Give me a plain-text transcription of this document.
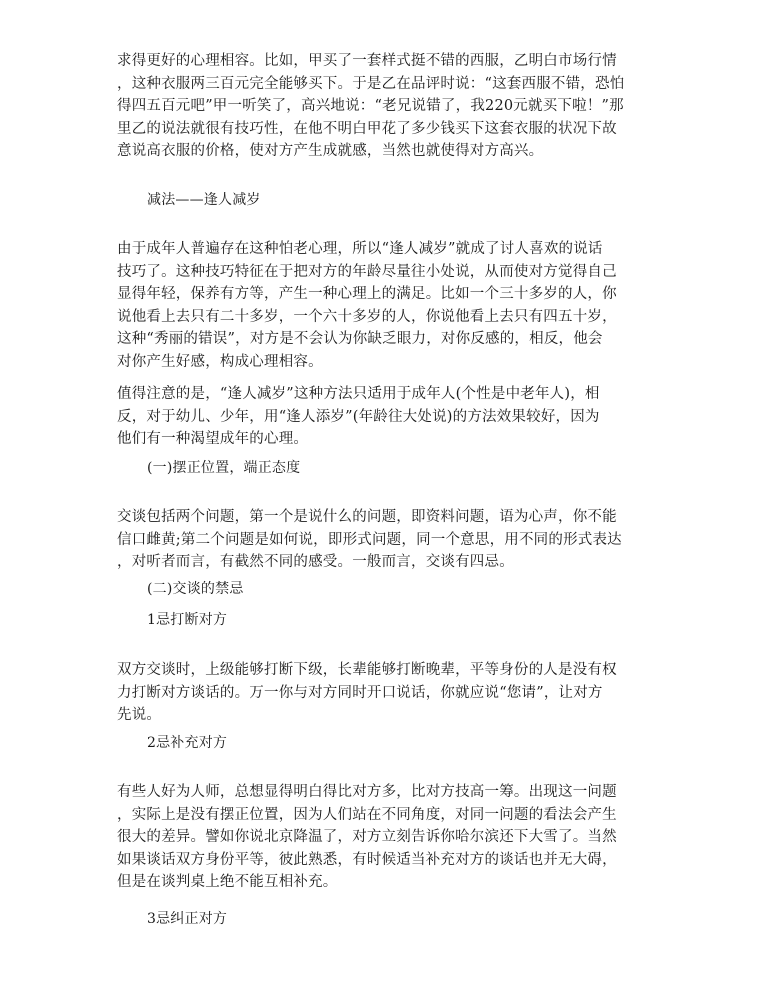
求得更好的心理相容。比如，甲买了一套样式挺不错的西服，乙明白市场行情
，这种衣服两三百元完全能够买下。于是乙在品评时说：“这套西服不错，恐怕
得四五百元吧”甲一听笑了，高兴地说：“老兄说错了，我220元就买下啦！”那
里乙的说法就很有技巧性，在他不明白甲花了多少钱买下这套衣服的状况下故
意说高衣服的价格，使对方产生成就感，当然也就使得对方高兴。

减法——逢人减岁

由于成年人普遍存在这种怕老心理，所以“逢人减岁”就成了讨人喜欢的说话
技巧了。这种技巧特征在于把对方的年龄尽量往小处说，从而使对方觉得自己
显得年轻，保养有方等，产生一种心理上的满足。比如一个三十多岁的人，你
说他看上去只有二十多岁，一个六十多岁的人，你说他看上去只有四五十岁，
这种“秀丽的错误”，对方是不会认为你缺乏眼力，对你反感的，相反，他会
对你产生好感，构成心理相容。

值得注意的是，“逢人减岁”这种方法只适用于成年人(个性是中老年人)，相
反，对于幼儿、少年，用“逢人添岁”(年龄往大处说)的方法效果较好，因为
他们有一种渴望成年的心理。

(一)摆正位置，端正态度

交谈包括两个问题，第一个是说什么的问题，即资料问题，语为心声，你不能
信口雌黄;第二个问题是如何说，即形式问题，同一个意思，用不同的形式表达
，对听者而言，有截然不同的感受。一般而言，交谈有四忌。

(二)交谈的禁忌

1忌打断对方

双方交谈时，上级能够打断下级，长辈能够打断晚辈，平等身份的人是没有权
力打断对方谈话的。万一你与对方同时开口说话，你就应说“您请”，让对方
先说。

2忌补充对方

有些人好为人师，总想显得明白得比对方多，比对方技高一筹。出现这一问题
，实际上是没有摆正位置，因为人们站在不同角度，对同一问题的看法会产生
很大的差异。譬如你说北京降温了，对方立刻告诉你哈尔滨还下大雪了。当然
如果谈话双方身份平等，彼此熟悉，有时候适当补充对方的谈话也并无大碍，
但是在谈判桌上绝不能互相补充。

3忌纠正对方
